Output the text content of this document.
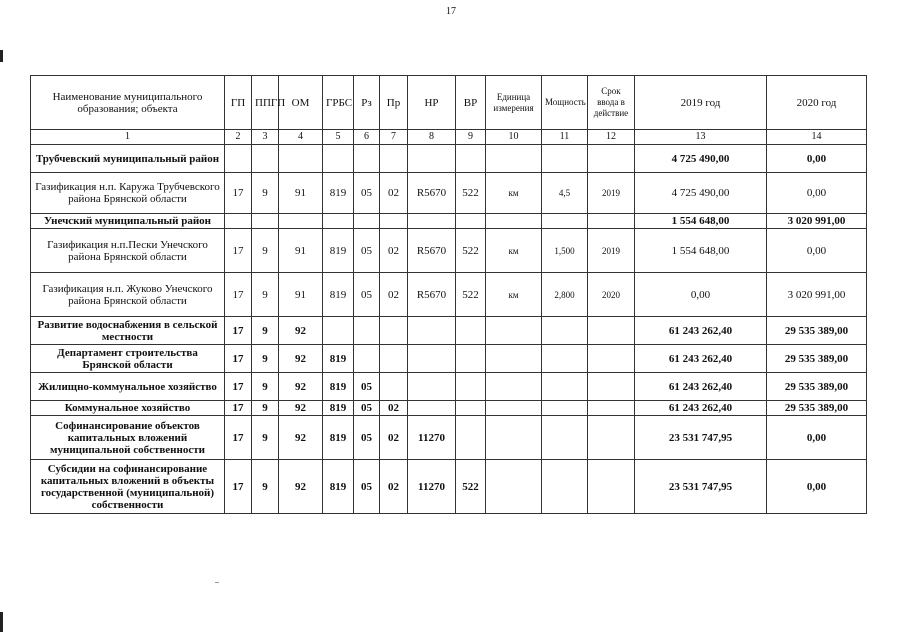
17
Наименование муниципального образования; объекта	ГП	ППГП	ОМ	ГРБС	Рз	Пр	НР	ВР	Единица измерения	Мощность	Срок ввода в действие	2019 год	2020 год
1	2	3	4	5	6	7	8	9	10	11	12	13	14
Трубчевский муниципальный район												4 725 490,00	0,00
Газификация н.п. Каружа Трубчевского района Брянской области	17	9	91	819	05	02	R5670	522	км	4,5	2019	4 725 490,00	0,00
Унечский муниципальный район												1 554 648,00	3 020 991,00
Газификация н.п.Пески Унечского района Брянской области	17	9	91	819	05	02	R5670	522	км	1,500	2019	1 554 648,00	0,00
Газификация н.п. Жуково Унечского района Брянской области	17	9	91	819	05	02	R5670	522	км	2,800	2020	0,00	3 020 991,00
Развитие водоснабжения в сельской местности	17	9	92									61 243 262,40	29 535 389,00
Департамент строительства Брянской области	17	9	92	819								61 243 262,40	29 535 389,00
Жилищно-коммунальное хозяйство	17	9	92	819	05							61 243 262,40	29 535 389,00
Коммунальное хозяйство	17	9	92	819	05	02						61 243 262,40	29 535 389,00
Софинансирование объектов капитальных вложений муниципальной собственности	17	9	92	819	05	02	11270					23 531 747,95	0,00
Субсидии на софинансирование капитальных вложений в объекты государственной (муниципальной) собственности	17	9	92	819	05	02	11270	522				23 531 747,95	0,00
